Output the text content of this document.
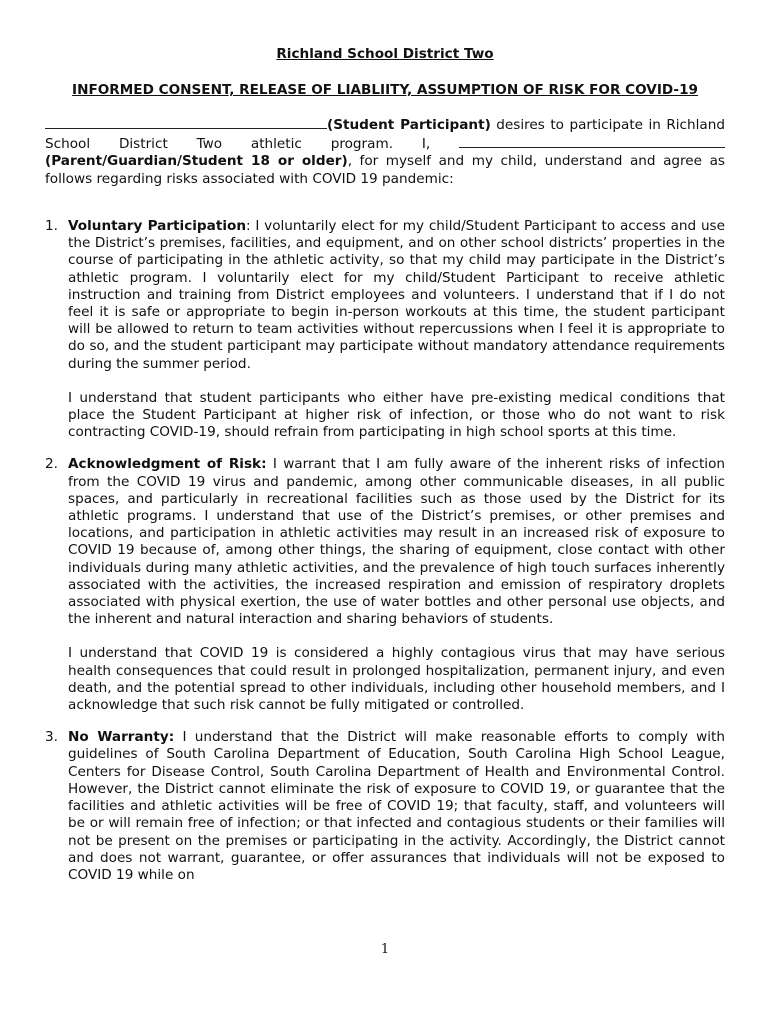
Richland School District Two
INFORMED CONSENT, RELEASE OF LIABLIITY, ASSUMPTION OF RISK FOR COVID-19
(Student Participant) desires to participate in Richland School District Two athletic program. I, (Parent/Guardian/Student 18 or older), for myself and my child, understand and agree as follows regarding risks associated with COVID 19 pandemic:
1. Voluntary Participation: I voluntarily elect for my child/Student Participant to access and use the District’s premises, facilities, and equipment, and on other school districts’ properties in the course of participating in the athletic activity, so that my child may participate in the District’s athletic program. I voluntarily elect for my child/Student Participant to receive athletic instruction and training from District employees and volunteers. I understand that if I do not feel it is safe or appropriate to begin in-person workouts at this time, the student participant will be allowed to return to team activities without repercussions when I feel it is appropriate to do so, and the student participant may participate without mandatory attendance requirements during the summer period.

I understand that student participants who either have pre-existing medical conditions that place the Student Participant at higher risk of infection, or those who do not want to risk contracting COVID-19, should refrain from participating in high school sports at this time.

2. Acknowledgment of Risk: I warrant that I am fully aware of the inherent risks of infection from the COVID 19 virus and pandemic, among other communicable diseases, in all public spaces, and particularly in recreational facilities such as those used by the District for its athletic programs. I understand that use of the District’s premises, or other premises and locations, and participation in athletic activities may result in an increased risk of exposure to COVID 19 because of, among other things, the sharing of equipment, close contact with other individuals during many athletic activities, and the prevalence of high touch surfaces inherently associated with the activities, the increased respiration and emission of respiratory droplets associated with physical exertion, the use of water bottles and other personal use objects, and the inherent and natural interaction and sharing behaviors of students.

I understand that COVID 19 is considered a highly contagious virus that may have serious health consequences that could result in prolonged hospitalization, permanent injury, and even death, and the potential spread to other individuals, including other household members, and I acknowledge that such risk cannot be fully mitigated or controlled.

3. No Warranty: I understand that the District will make reasonable efforts to comply with guidelines of South Carolina Department of Education, South Carolina High School League, Centers for Disease Control, South Carolina Department of Health and Environmental Control. However, the District cannot eliminate the risk of exposure to COVID 19, or guarantee that the facilities and athletic activities will be free of COVID 19; that faculty, staff, and volunteers will be or will remain free of infection; or that infected and contagious students or their families will not be present on the premises or participating in the activity. Accordingly, the District cannot and does not warrant, guarantee, or offer assurances that individuals will not be exposed to COVID 19 while on

1
